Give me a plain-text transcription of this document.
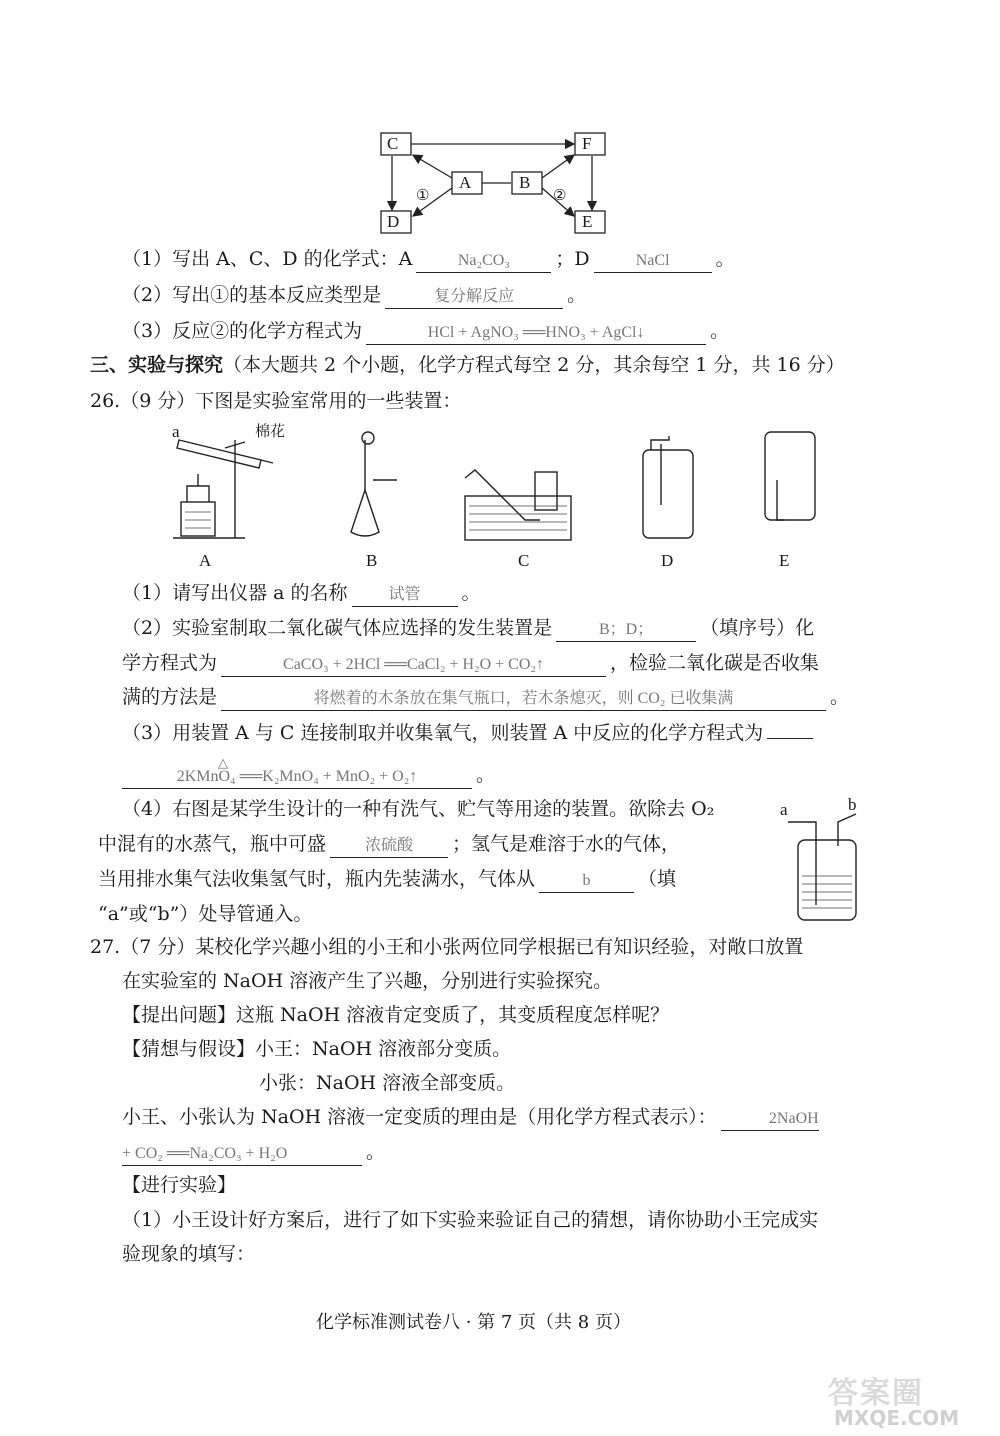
C	F
A	B
D	E
①	②
（1）写出 A、C、D 的化学式：A	Na₂CO₃ ；D	NaCl 。
（2）写出①的基本反应类型是	复分解反应	。
（3）反应②的化学方程式为	HCl + AgNO₃ ══HNO₃ + AgCl↓	。
三、实验与探究（本大题共 2 个小题，化学方程式每空 2 分，其余每空 1 分，共 16 分）
26.（9 分）下图是实验室常用的一些装置：
a	棉花
A	B	C	D	E
（1）请写出仪器 a 的名称	试管 。
（2）实验室制取二氧化碳气体应选择的发生装置是	B；D； （填序号）化
学方程式为	CaCO₃ + 2HCl ══CaCl₂ + H₂O + CO₂↑	，检验二氧化碳是否收集
满的方法是	将燃着的木条放在集气瓶口，若木条熄灭，则 CO₂ 已收集满	。
（3）用装置 A 与 C 连接制取并收集氧气，则装置 A 中反应的化学方程式为
△
2KMnO₄ ══K₂MnO₄ + MnO₂ + O₂↑	。
（4）右图是某学生设计的一种有洗气、贮气等用途的装置。欲除去 O₂
中混有的水蒸气，瓶中可盛 浓硫酸 ；氢气是难溶于水的气体，
当用排水集气法收集氢气时，瓶内先装满水，气体从	b	（填
“a”或“b”）处导管通入。
a	b
27.（7 分）某校化学兴趣小组的小王和小张两位同学根据已有知识经验，对敞口放置
在实验室的 NaOH 溶液产生了兴趣，分别进行实验探究。
【提出问题】这瓶 NaOH 溶液肯定变质了，其变质程度怎样呢？
【猜想与假设】小王：NaOH 溶液部分变质。
小张：NaOH 溶液全部变质。
小王、小张认为 NaOH 溶液一定变质的理由是（用化学方程式表示）：	2NaOH
+ CO₂ ══Na₂CO₃ + H₂O	。
【进行实验】
（1）小王设计好方案后，进行了如下实验来验证自己的猜想，请你协助小王完成实
验现象的填写：
化学标准测试卷八 · 第 7 页（共 8 页）
答案圈
MXQE.COM
